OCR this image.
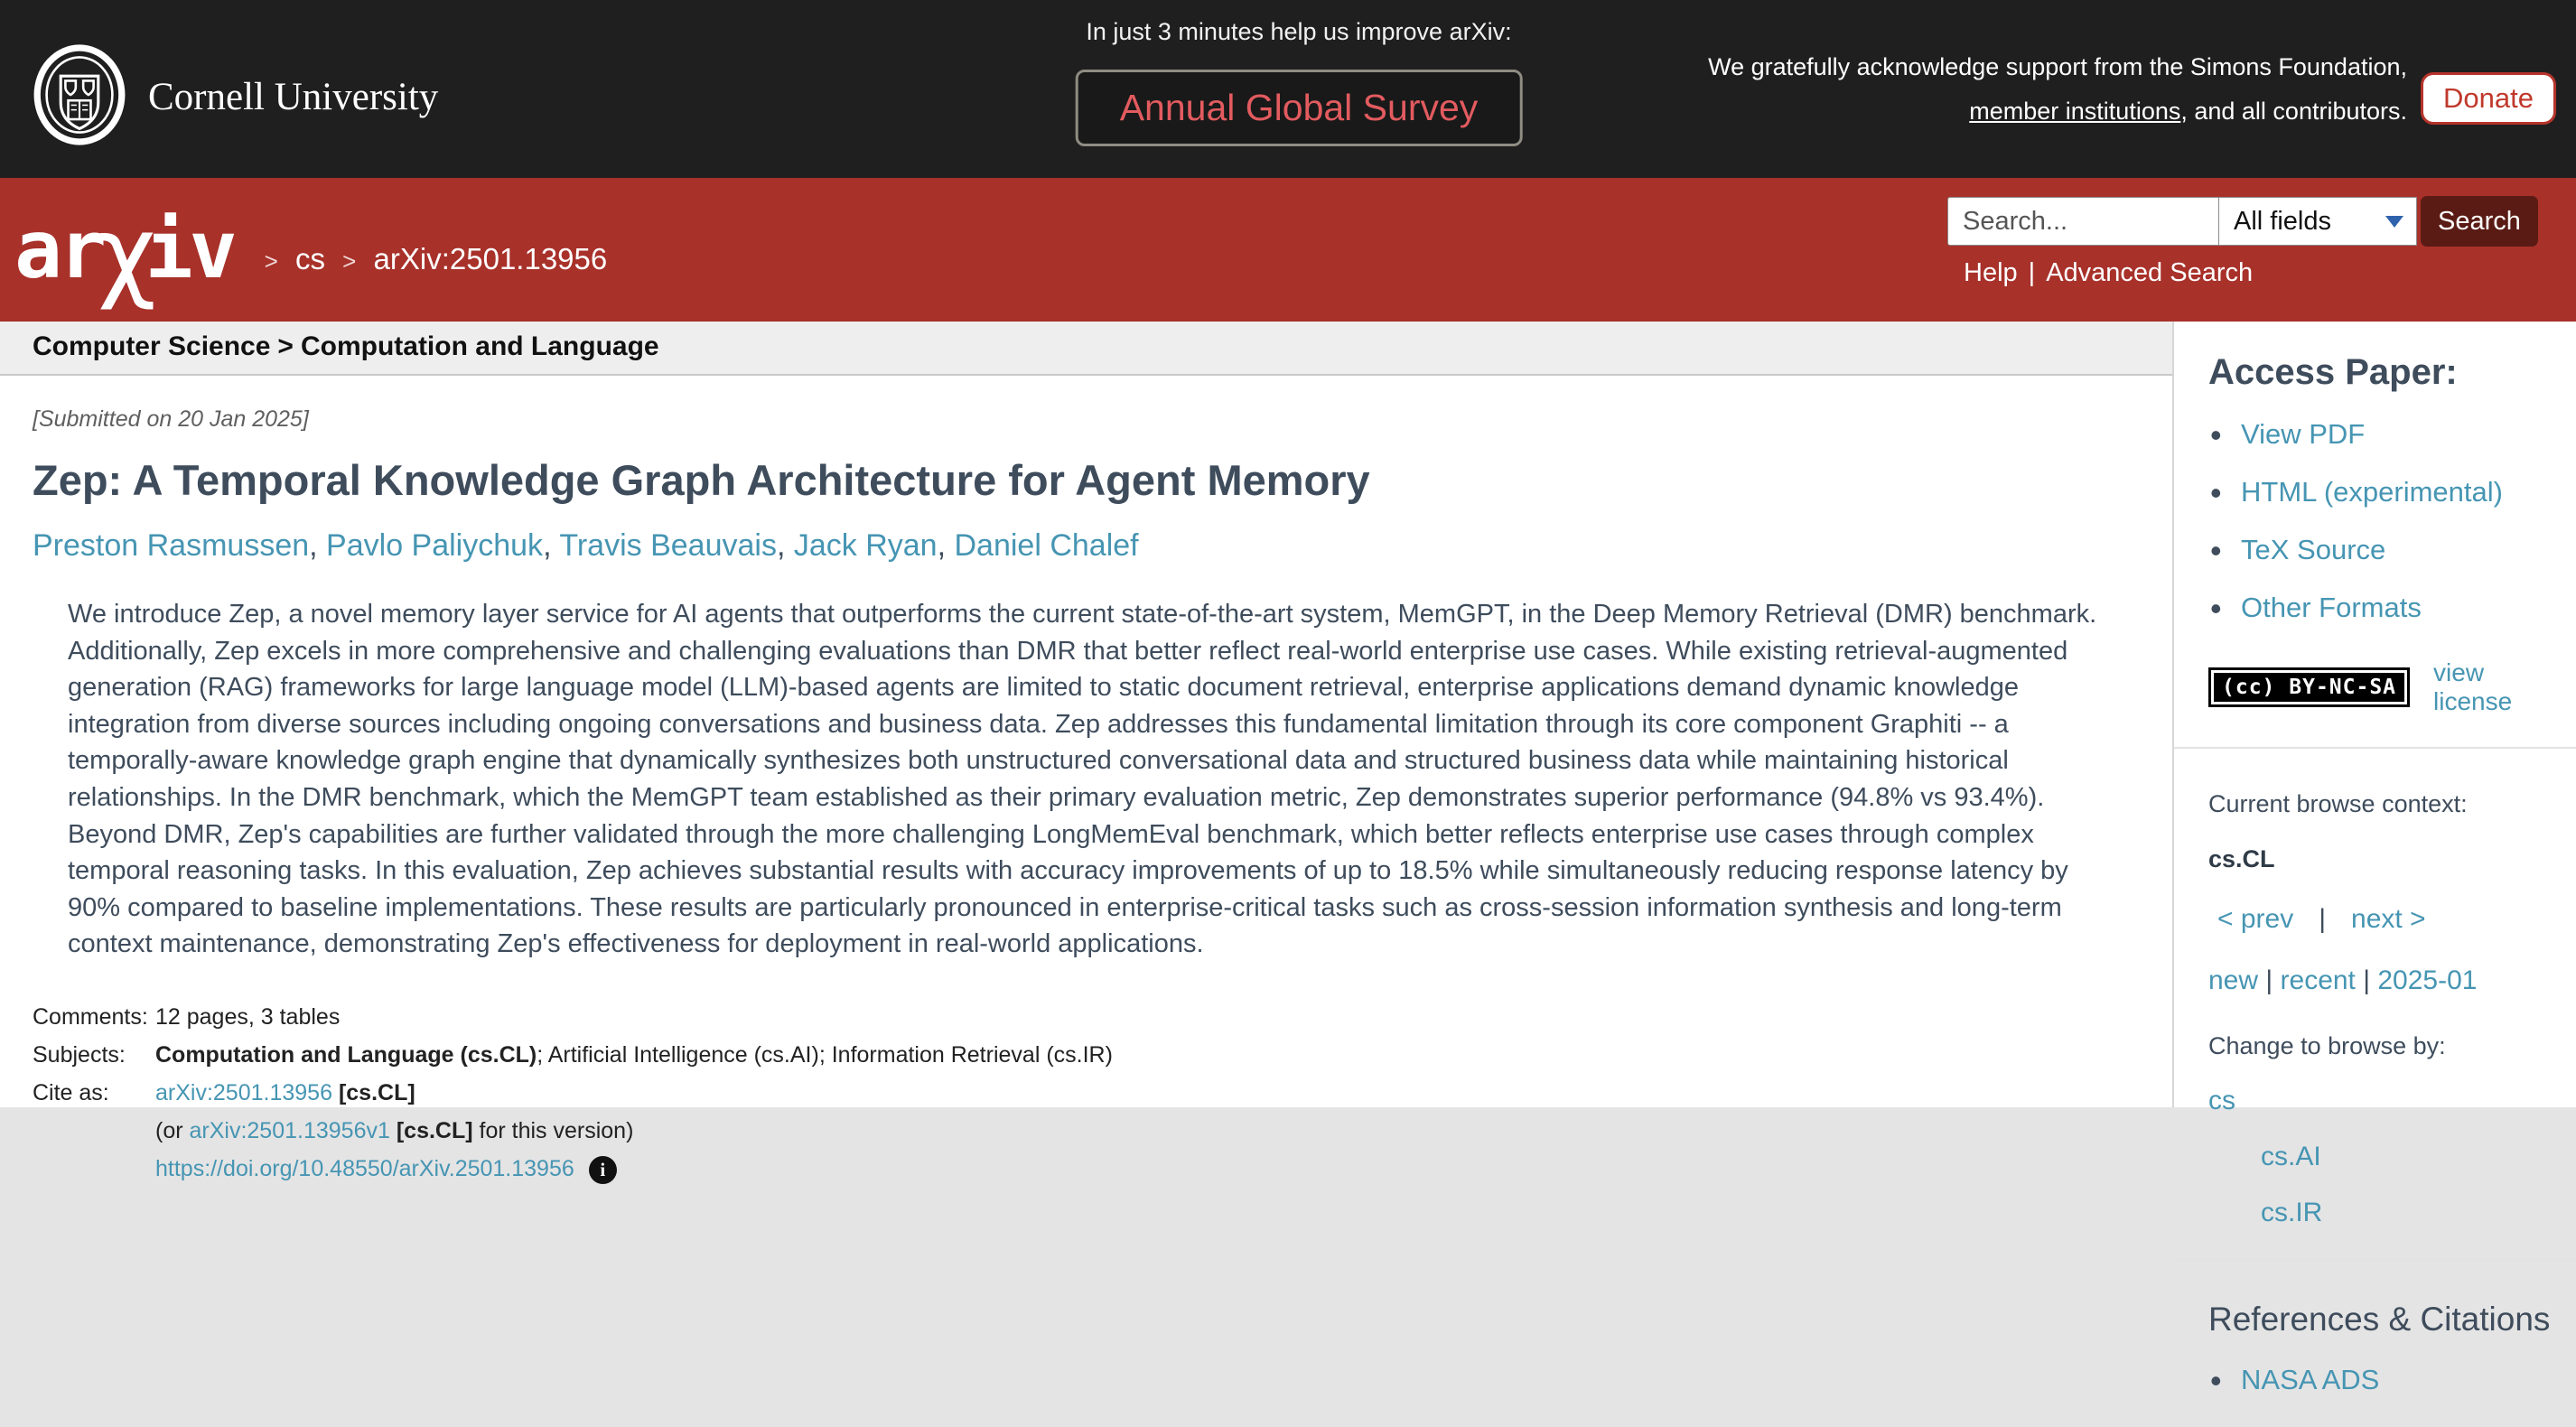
Cornell University
In just 3 minutes help us improve arXiv:
Annual Global Survey
We gratefully acknowledge support from the Simons Foundation,
member institutions, and all contributors.	Donate
ar
χ
iv	> cs > arXiv:2501.13956
Search...
All fields	Search
Help | Advanced Search
Computer Science > Computation and Language
[Submitted on 20 Jan 2025]
Zep: A Temporal Knowledge Graph Architecture for Agent Memory
Preston Rasmussen , Pavlo Paliychuk , Travis Beauvais , Jack Ryan , Daniel Chalef

We introduce Zep, a novel memory layer service for AI agents that outperforms the current state-of-the-art system, MemGPT, in the Deep Memory Retrieval (DMR) benchmark. Additionally, Zep excels in more comprehensive and challenging evaluations than DMR that better reflect real-world enterprise use cases. While existing retrieval-augmented generation (RAG) frameworks for large language model (LLM)-based agents are limited to static document retrieval, enterprise applications demand dynamic knowledge integration from diverse sources including ongoing conversations and business data. Zep addresses this fundamental limitation through its core component Graphiti -- a temporally-aware knowledge graph engine that dynamically synthesizes both unstructured conversational data and structured business data while maintaining historical relationships. In the DMR benchmark, which the MemGPT team established as their primary evaluation metric, Zep demonstrates superior performance (94.8% vs 93.4%). Beyond DMR, Zep's capabilities are further validated through the more challenging LongMemEval benchmark, which better reflects enterprise use cases through complex temporal reasoning tasks. In this evaluation, Zep achieves substantial results with accuracy improvements of up to 18.5% while simultaneously reducing response latency by 90% compared to baseline implementations. These results are particularly pronounced in enterprise-critical tasks such as cross-session information synthesis and long-term context maintenance, demonstrating Zep's effectiveness for deployment in real-world applications.

Comments: 12 pages, 3 tables
Subjects:	Computation and Language (cs.CL); Artificial Intelligence (cs.AI); Information Retrieval (cs.IR)
Cite as:	arXiv:2501.13956 [cs.CL]
(or arXiv:2501.13956v1 [cs.CL] for this version)
https://doi.org/10.48550/arXiv.2501.13956 i
Access Paper:
• View PDF
• HTML (experimental)
• TeX Source
• Other Formats
(cc) BY-NC-SA
view license
Current browse context:
cs.CL
< prev | next >
new | recent | 2025-01
Change to browse by:
cs
cs.AI
cs.IR
References & Citations
• NASA ADS
